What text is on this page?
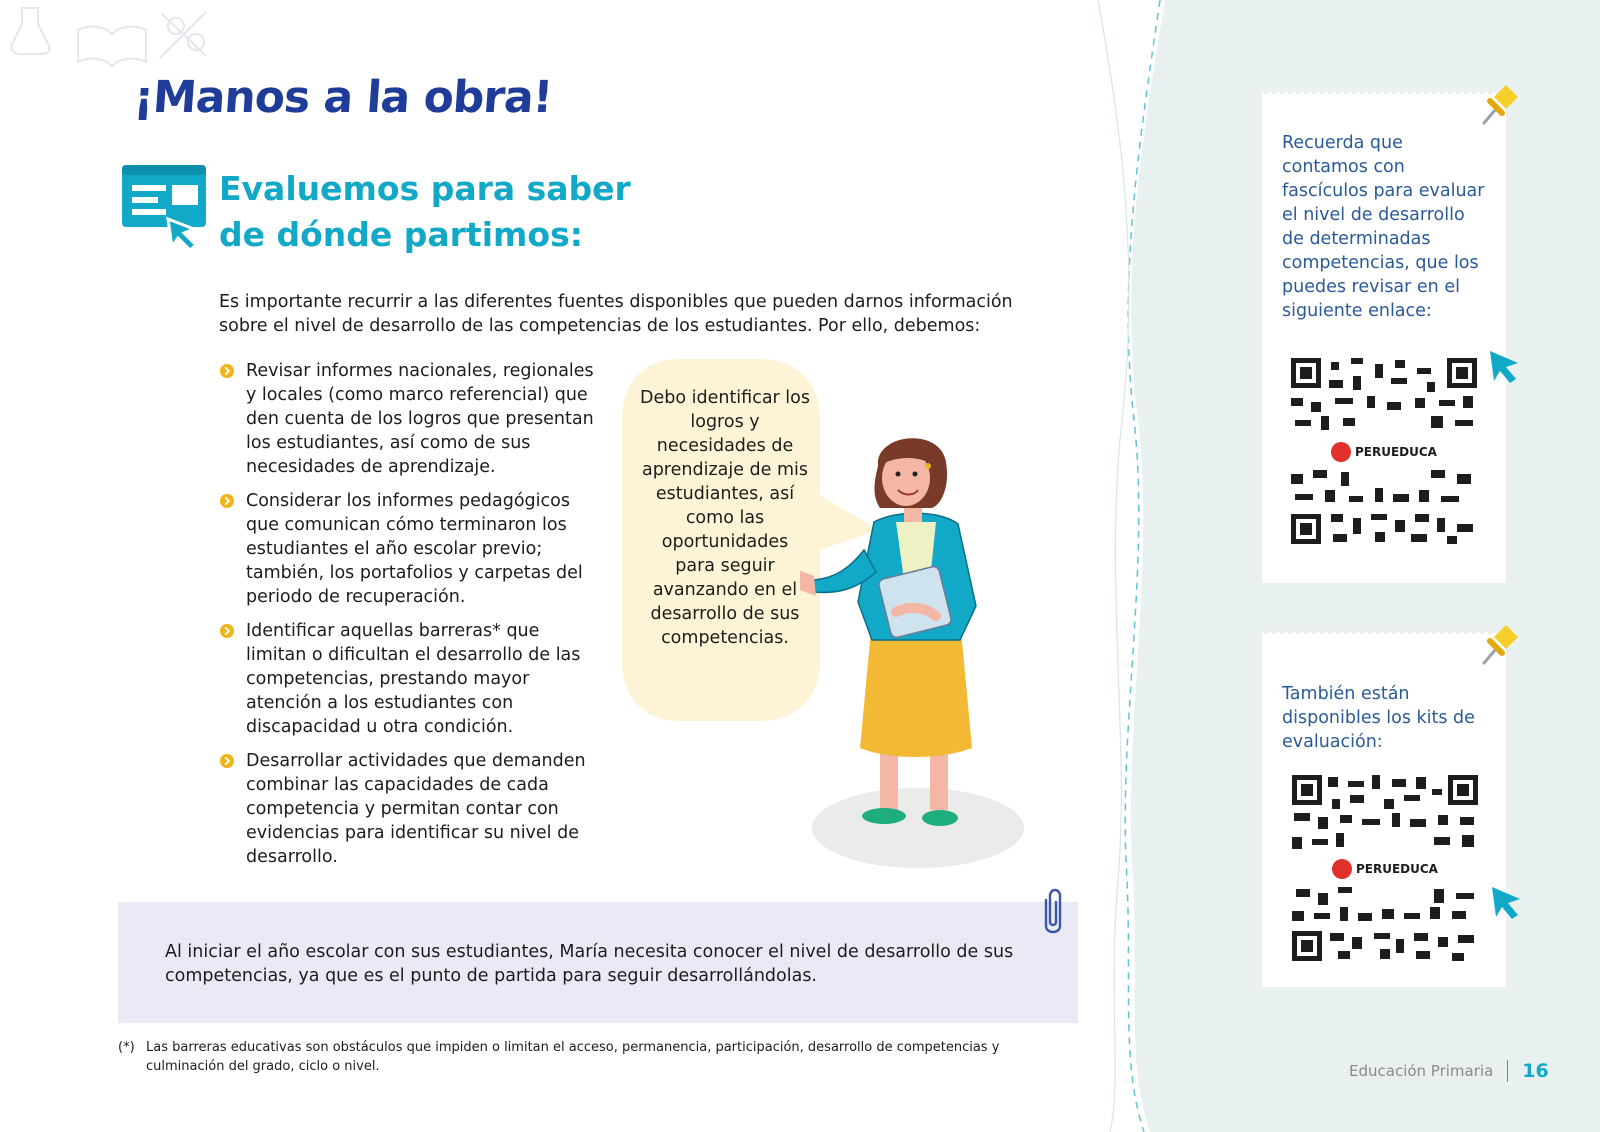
¡Manos a la obra!
Evaluemos para saber
de dónde partimos:

Es importante recurrir a las diferentes fuentes disponibles que pueden darnos información sobre el nivel de desarrollo de las competencias de los estudiantes. Por ello, debemos:

Revisar informes nacionales, regionales y locales (como marco referencial) que den cuenta de los logros que presentan los estudiantes, así como de sus necesidades de aprendizaje.
Considerar los informes pedagógicos que comunican cómo terminaron los estudiantes el año escolar previo; también, los portafolios y carpetas del periodo de recuperación.
Identificar aquellas barreras* que limitan o dificultan el desarrollo de las competencias, prestando mayor atención a los estudiantes con discapacidad u otra condición.
Desarrollar actividades que demanden combinar las capacidades de cada competencia y permitan contar con evidencias para identificar su nivel de desarrollo.

Debo identificar los logros y necesidades de aprendizaje de mis estudiantes, así como las oportunidades para seguir avanzando en el desarrollo de sus competencias.

Al iniciar el año escolar con sus estudiantes, María necesita conocer el nivel de desarrollo de sus competencias, ya que es el punto de partida para seguir desarrollándolas.

(*) Las barreras educativas son obstáculos que impiden o limitan el acceso, permanencia, participación, desarrollo de competencias y culminación del grado, ciclo o nivel.

Recuerda que contamos con fascículos para evaluar el nivel de desarrollo de determinadas competencias, que los puedes revisar en el siguiente enlace:

PERUEDUCA

También están disponibles los kits de evaluación:

PERUEDUCA
Educación Primaria 16
